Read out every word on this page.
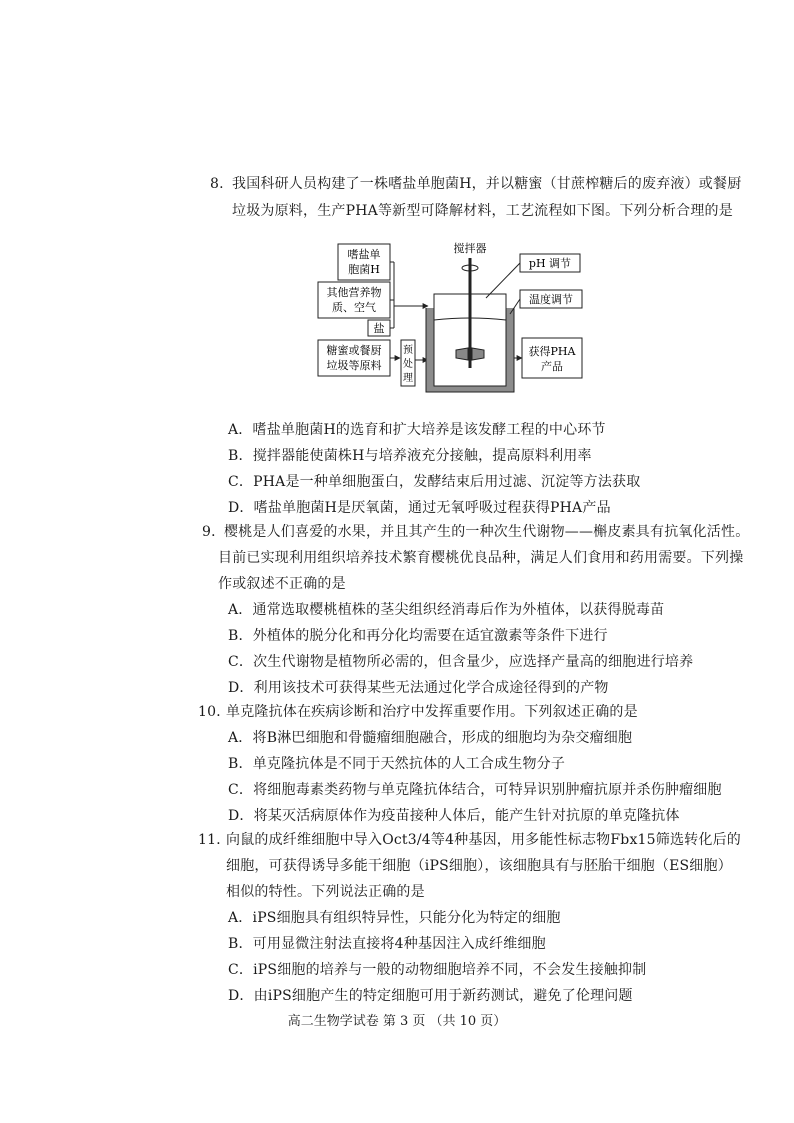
8. 我国科研人员构建了一株嗜盐单胞菌H，并以糖蜜（甘蔗榨糖后的废弃液）或餐厨
垃圾为原料，生产PHA等新型可降解材料，工艺流程如下图。下列分析合理的是
嗜盐单
胞菌H
其他营养物
质、空气
盐
糖蜜或餐厨
垃圾等原料
预
处
理
搅拌器
pH 调节
温度调节
获得PHA
产品
A．嗜盐单胞菌H的选育和扩大培养是该发酵工程的中心环节
B．搅拌器能使菌株H与培养液充分接触，提高原料利用率
C．PHA是一种单细胞蛋白，发酵结束后用过滤、沉淀等方法获取
D．嗜盐单胞菌H是厌氧菌，通过无氧呼吸过程获得PHA产品
9．
樱桃是人们喜爱的水果，并且其产生的一种次生代谢物——槲皮素具有抗氧化活性。
目前已实现利用组织培养技术繁育樱桃优良品种，满足人们食用和药用需要。下列操
作或叙述不正确的是
A．通常选取樱桃植株的茎尖组织经消毒后作为外植体，以获得脱毒苗
B．外植体的脱分化和再分化均需要在适宜激素等条件下进行
C．次生代谢物是植物所必需的，但含量少，应选择产量高的细胞进行培养
D．利用该技术可获得某些无法通过化学合成途径得到的产物
10．
单克隆抗体在疾病诊断和治疗中发挥重要作用。下列叙述正确的是
A．将B淋巴细胞和骨髓瘤细胞融合，形成的细胞均为杂交瘤细胞
B．单克隆抗体是不同于天然抗体的人工合成生物分子
C．将细胞毒素类药物与单克隆抗体结合，可特异识别肿瘤抗原并杀伤肿瘤细胞
D．将某灭活病原体作为疫苗接种人体后，能产生针对抗原的单克隆抗体
11．
向鼠的成纤维细胞中导入Oct3/4等4种基因，用多能性标志物Fbx15筛选转化后的
细胞，可获得诱导多能干细胞（iPS细胞），该细胞具有与胚胎干细胞（ES细胞）
相似的特性。下列说法正确的是
A．iPS细胞具有组织特异性，只能分化为特定的细胞
B．可用显微注射法直接将4种基因注入成纤维细胞
C．iPS细胞的培养与一般的动物细胞培养不同，不会发生接触抑制
D．由iPS细胞产生的特定细胞可用于新药测试，避免了伦理问题
高二生物学试卷 第 3 页 （共 10 页）
